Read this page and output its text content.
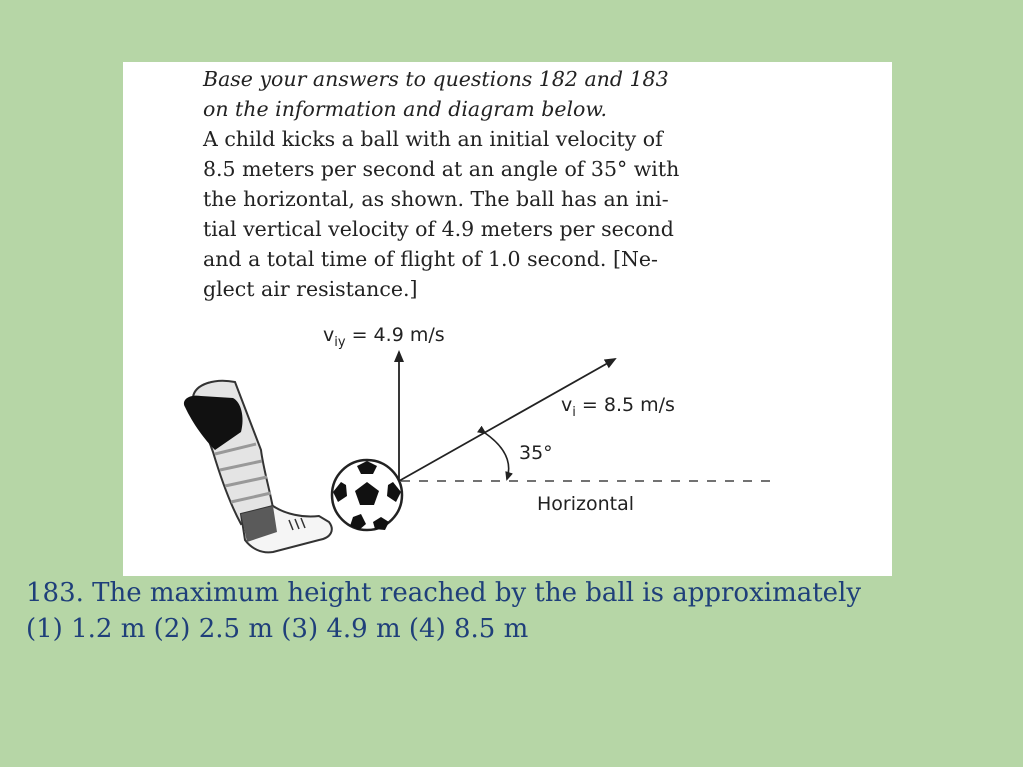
Base your answers to questions 182 and 183
on the information and diagram below.

A child kicks a ball with an initial velocity of
8.5 meters per second at an angle of 35° with
the horizontal, as shown. The ball has an ini-
tial vertical velocity of 4.9 meters per second
and a total time of flight of 1.0 second. [Ne-
glect air resistance.]

$v_{iy} = 4.9$ m/s
$v_i = 8.5$ m/s
35°
Horizontal
183. The maximum height reached by the ball is approximately
(1) 1.2 m (2) 2.5 m (3) 4.9 m (4) 8.5 m
